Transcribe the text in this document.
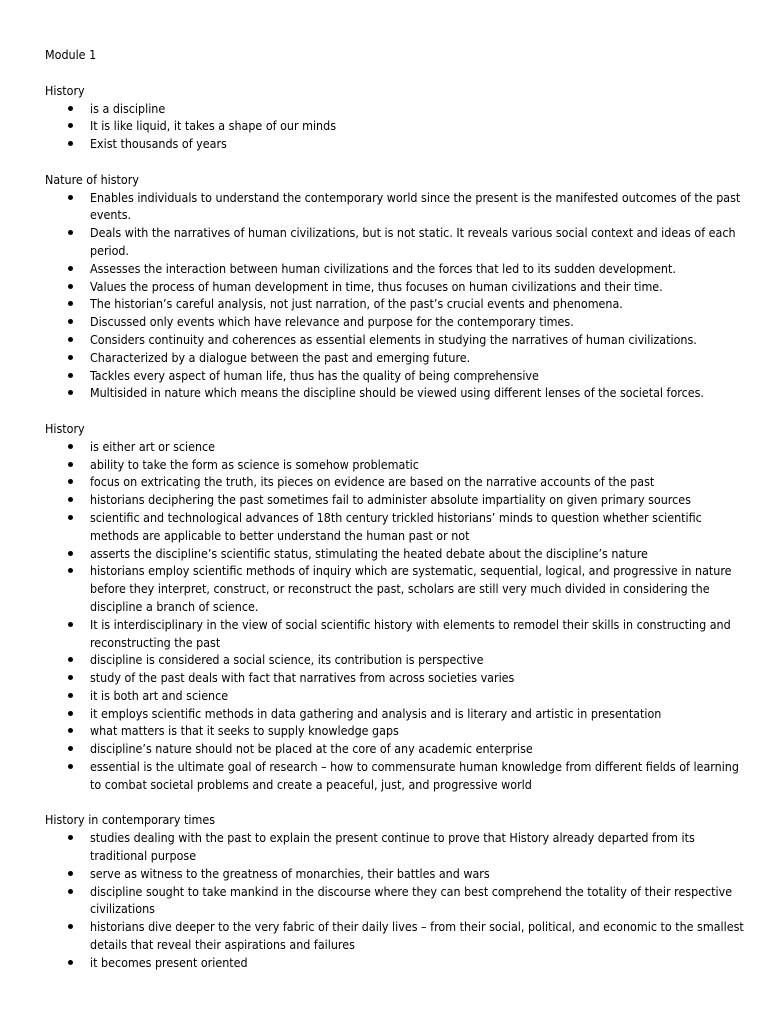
Module 1
History
is a discipline
It is like liquid, it takes a shape of our minds
Exist thousands of years
Nature of history
Enables individuals to understand the contemporary world since the present is the manifested outcomes of the past events.
Deals with the narratives of human civilizations, but is not static. It reveals various social context and ideas of each period.
Assesses the interaction between human civilizations and the forces that led to its sudden development.
Values the process of human development in time, thus focuses on human civilizations and their time.
The historian’s careful analysis, not just narration, of the past’s crucial events and phenomena.
Discussed only events which have relevance and purpose for the contemporary times.
Considers continuity and coherences as essential elements in studying the narratives of human civilizations.
Characterized by a dialogue between the past and emerging future.
Tackles every aspect of human life, thus has the quality of being comprehensive
Multisided in nature which means the discipline should be viewed using different lenses of the societal forces.
History
is either art or science
ability to take the form as science is somehow problematic
focus on extricating the truth, its pieces on evidence are based on the narrative accounts of the past
historians deciphering the past sometimes fail to administer absolute impartiality on given primary sources
scientific and technological advances of 18th century trickled historians’ minds to question whether scientific methods are applicable to better understand the human past or not
asserts the discipline’s scientific status, stimulating the heated debate about the discipline’s nature
historians employ scientific methods of inquiry which are systematic, sequential, logical, and progressive in nature before they interpret, construct, or reconstruct the past, scholars are still very much divided in considering the discipline a branch of science.
It is interdisciplinary in the view of social scientific history with elements to remodel their skills in constructing and reconstructing the past
discipline is considered a social science, its contribution is perspective
study of the past deals with fact that narratives from across societies varies
it is both art and science
it employs scientific methods in data gathering and analysis and is literary and artistic in presentation
what matters is that it seeks to supply knowledge gaps
discipline’s nature should not be placed at the core of any academic enterprise
essential is the ultimate goal of research – how to commensurate human knowledge from different fields of learning to combat societal problems and create a peaceful, just, and progressive world
History in contemporary times
studies dealing with the past to explain the present continue to prove that History already departed from its traditional purpose
serve as witness to the greatness of monarchies, their battles and wars
discipline sought to take mankind in the discourse where they can best comprehend the totality of their respective civilizations
historians dive deeper to the very fabric of their daily lives – from their social, political, and economic to the smallest details that reveal their aspirations and failures
it becomes present oriented
